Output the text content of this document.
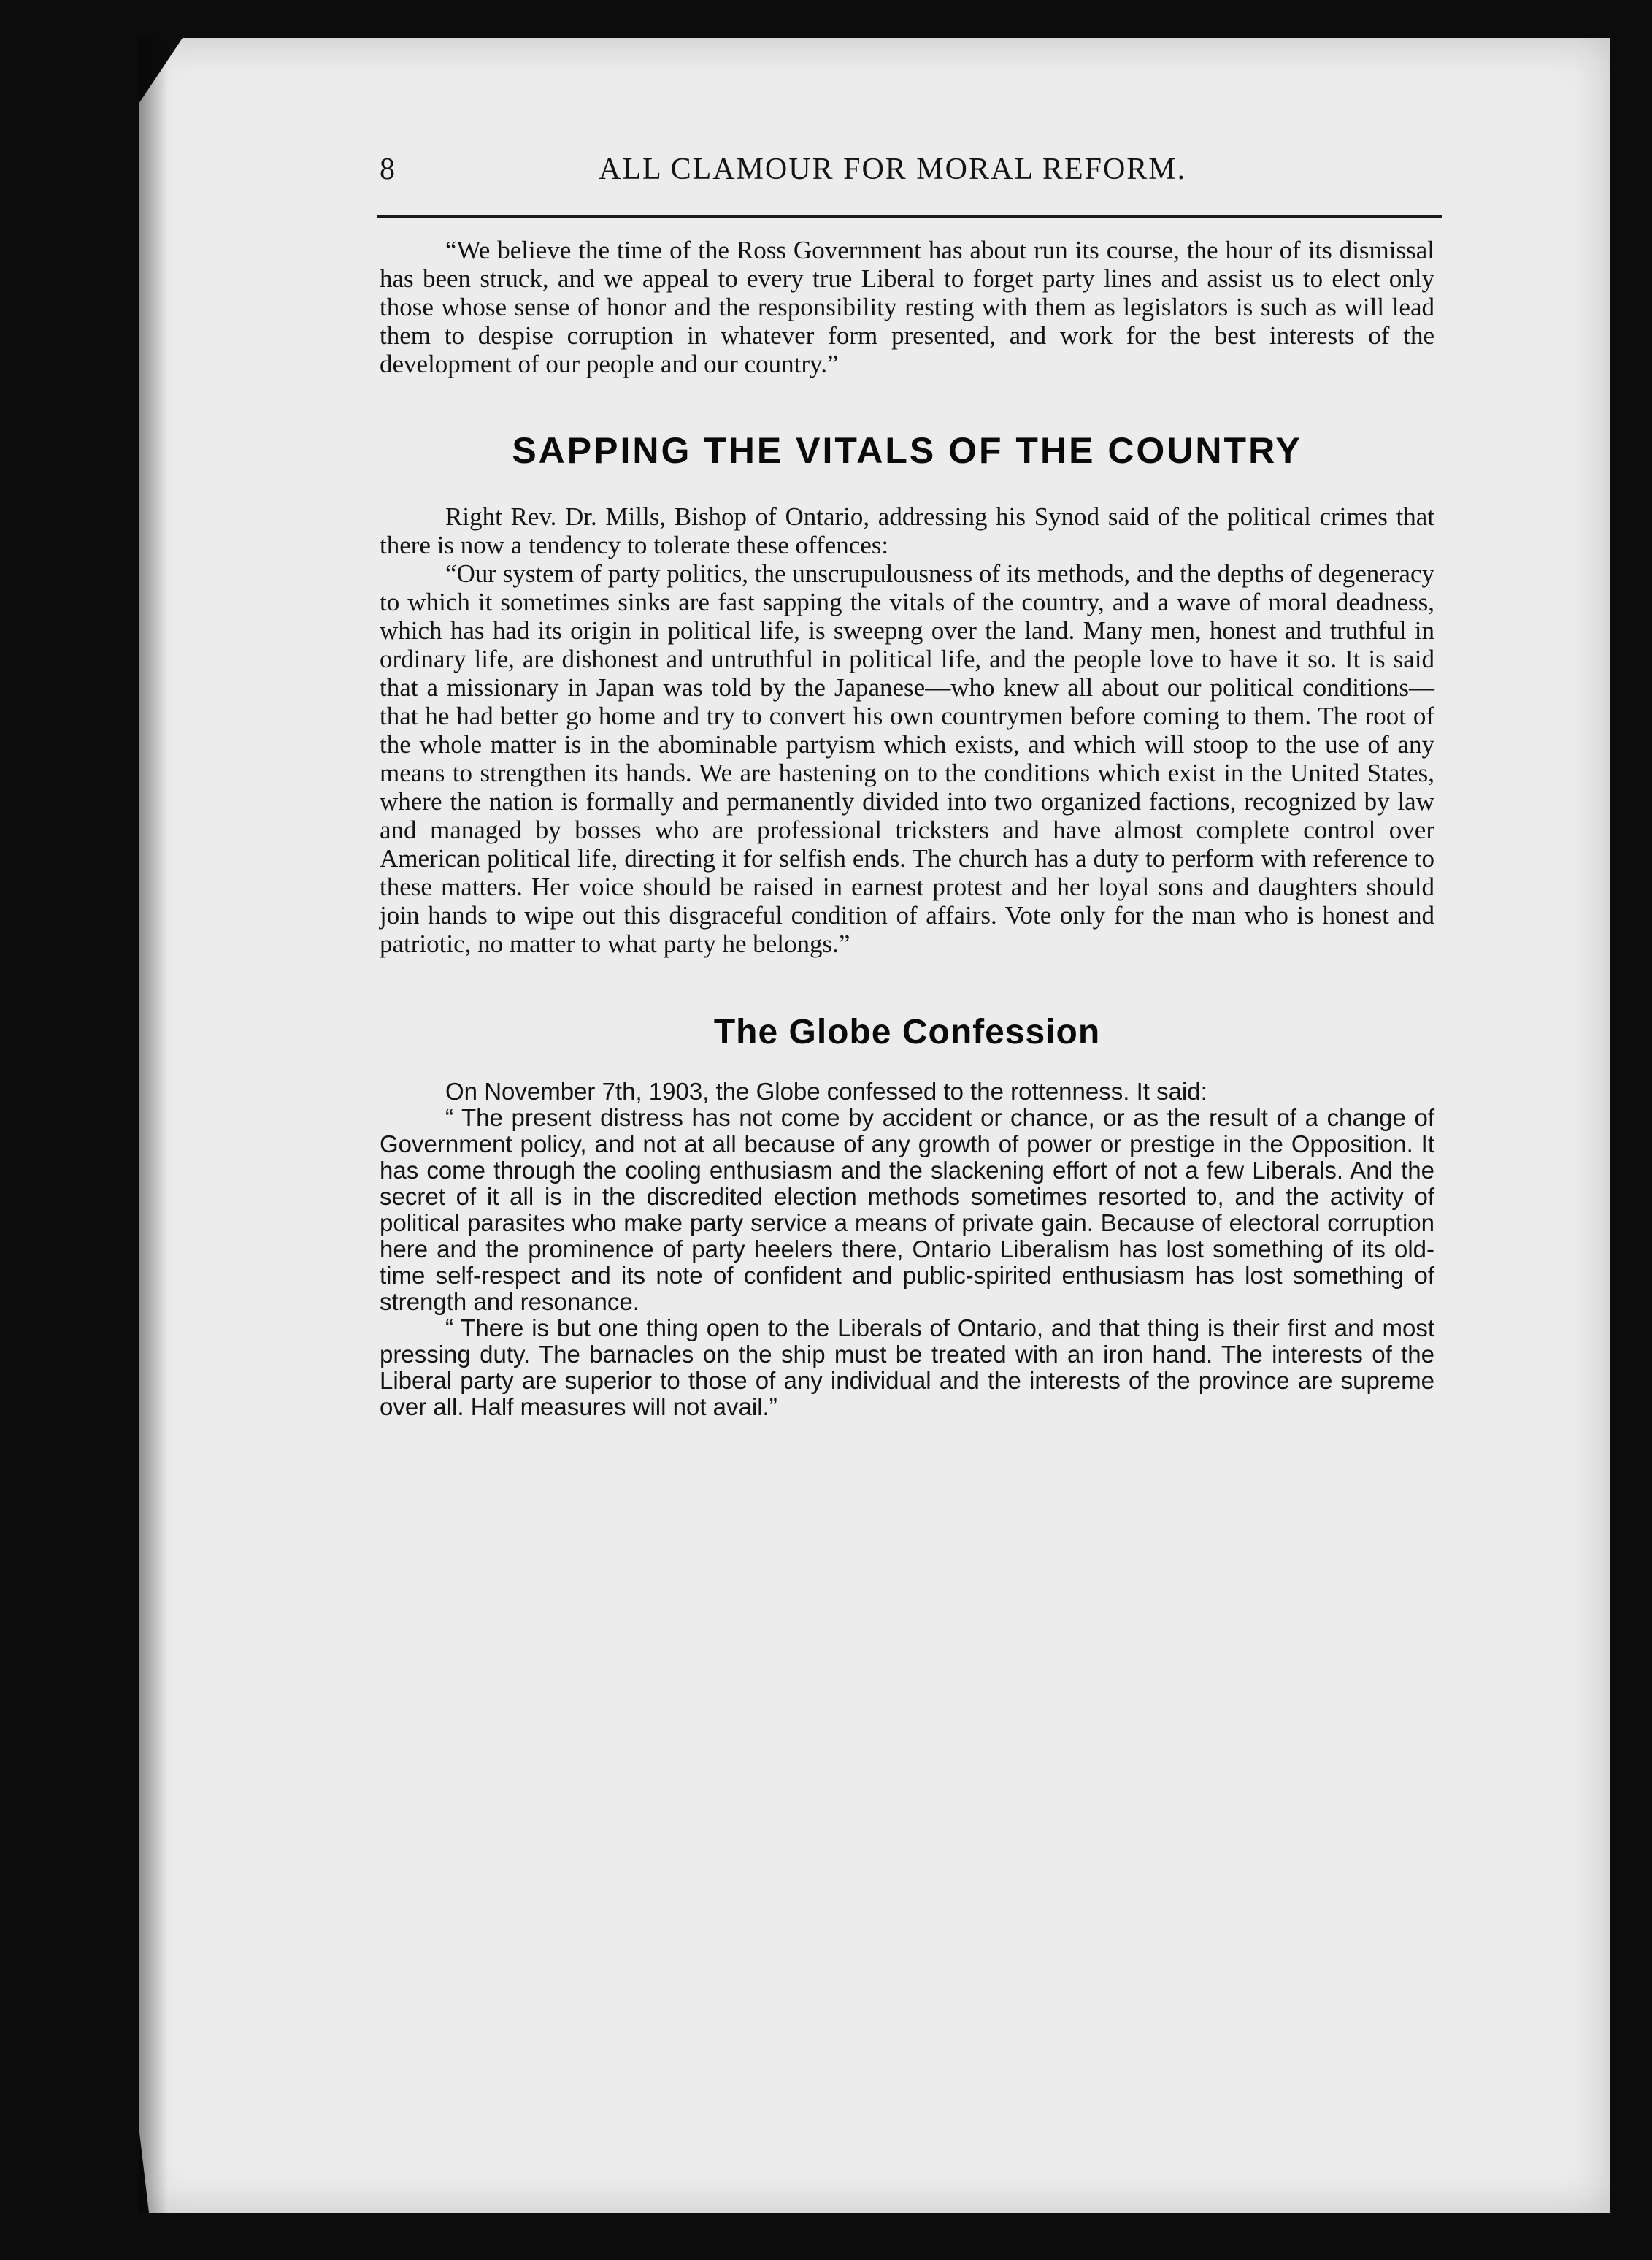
8	ALL CLAMOUR FOR MORAL REFORM.

“We believe the time of the Ross Government has about run its course, the hour of its dismissal has been struck, and we appeal to every true Liberal to forget party lines and assist us to elect only those whose sense of honor and the responsibility resting with them as legislators is such as will lead them to despise corruption in whatever form presented, and work for the best interests of the development of our people and our country.”

SAPPING THE VITALS OF THE COUNTRY

Right Rev. Dr. Mills, Bishop of Ontario, addressing his Synod said of the political crimes that there is now a tendency to tolerate these offences:

“Our system of party politics, the unscrupulousness of its methods, and the depths of degeneracy to which it sometimes sinks are fast sapping the vitals of the country, and a wave of moral deadness, which has had its origin in political life, is sweepng over the land. Many men, honest and truthful in ordinary life, are dishonest and untruthful in political life, and the people love to have it so. It is said that a missionary in Japan was told by the Japanese—who knew all about our political conditions—that he had better go home and try to convert his own countrymen before coming to them. The root of the whole matter is in the abominable partyism which exists, and which will stoop to the use of any means to strengthen its hands. We are hastening on to the conditions which exist in the United States, where the nation is formally and permanently divided into two organized factions, recognized by law and managed by bosses who are professional tricksters and have almost complete control over American political life, directing it for selfish ends. The church has a duty to perform with reference to these matters. Her voice should be raised in earnest protest and her loyal sons and daughters should join hands to wipe out this disgraceful condition of affairs. Vote only for the man who is honest and patriotic, no matter to what party he belongs.”

The Globe Confession

On November 7th, 1903, the Globe confessed to the rottenness. It said:

“ The present distress has not come by accident or chance, or as the result of a change of Government policy, and not at all because of any growth of power or prestige in the Opposition. It has come through the cooling enthusiasm and the slackening effort of not a few Liberals. And the secret of it all is in the discredited election methods sometimes resorted to, and the activity of political parasites who make party service a means of private gain. Because of electoral corruption here and the prominence of party heelers there, Ontario Liberalism has lost something of its old-time self-respect and its note of confident and public-spirited enthusiasm has lost something of strength and resonance.

“ There is but one thing open to the Liberals of Ontario, and that thing is their first and most pressing duty. The barnacles on the ship must be treated with an iron hand. The interests of the Liberal party are superior to those of any individual and the interests of the province are supreme over all. Half measures will not avail.”
